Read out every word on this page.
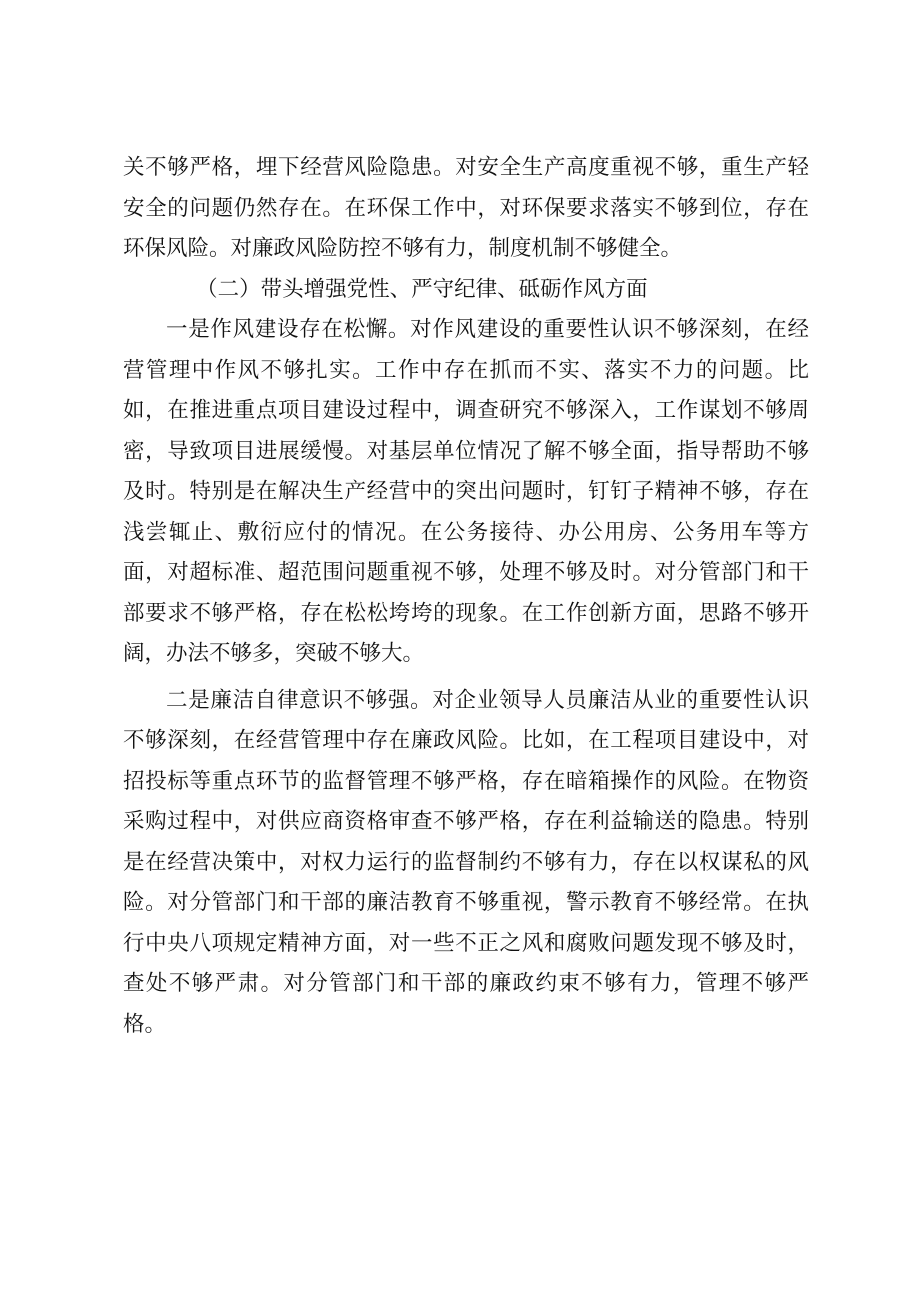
关不够严格，埋下经营风险隐患。对安全生产高度重视不够，重生产轻安全的问题仍然存在。在环保工作中，对环保要求落实不够到位，存在环保风险。对廉政风险防控不够有力，制度机制不够健全。

（二）带头增强党性、严守纪律、砥砺作风方面

一是作风建设存在松懈。对作风建设的重要性认识不够深刻，在经营管理中作风不够扎实。工作中存在抓而不实、落实不力的问题。比如，在推进重点项目建设过程中，调查研究不够深入，工作谋划不够周密，导致项目进展缓慢。对基层单位情况了解不够全面，指导帮助不够及时。特别是在解决生产经营中的突出问题时，钉钉子精神不够，存在浅尝辄止、敷衍应付的情况。在公务接待、办公用房、公务用车等方面，对超标准、超范围问题重视不够，处理不够及时。对分管部门和干部要求不够严格，存在松松垮垮的现象。在工作创新方面，思路不够开阔，办法不够多，突破不够大。

二是廉洁自律意识不够强。对企业领导人员廉洁从业的重要性认识不够深刻，在经营管理中存在廉政风险。比如，在工程项目建设中，对招投标等重点环节的监督管理不够严格，存在暗箱操作的风险。在物资采购过程中，对供应商资格审查不够严格，存在利益输送的隐患。特别是在经营决策中，对权力运行的监督制约不够有力，存在以权谋私的风险。对分管部门和干部的廉洁教育不够重视，警示教育不够经常。在执行中央八项规定精神方面，对一些不正之风和腐败问题发现不够及时，查处不够严肃。对分管部门和干部的廉政约束不够有力，管理不够严格。
